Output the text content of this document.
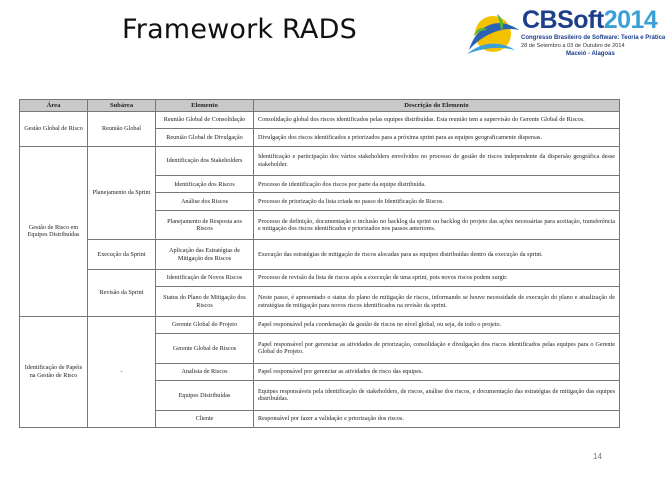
Framework RADS	CBSoft2014
Congresso Brasileiro de Software: Teoria e Prática
28 de Setembro a 03 de Outubro de 2014
Maceió - Alagoas
Área	Subárea	Elemento	Descrição do Elemento
Gestão Global de Risco	Reunião Global	Reunião Global de Consolidação	Consolidação global dos riscos identificados pelas equipes distribuídas. Esta reunião tem a supervisão do Gerente Global de Riscos.
		Reunião Global de Divulgação	Divulgação dos riscos identificados e priorizados para a próxima sprint para as equipes geograficamente dispersas.
Gestão de Risco em Equipes Distribuídas	Planejamento da Sprint	Identificação dos Stakeholders	Identificação e participação dos vários stakeholders envolvidos no processo de gestão de riscos independente da dispersão geográfica desse stakeholder.
		Identificação dos Riscos	Processo de identificação dos riscos por parte da equipe distribuída.
		Análise dos Riscos	Processo de priorização da lista criada no passo de Identificação de Riscos.
		Planejamento de Resposta aos Riscos	Processo de definição, documentação e inclusão no backlog da sprint ou backlog do projeto das ações necessárias para aceitação, transferência e mitigação dos riscos identificados e priorizados nos passos anteriores.
	Execução da Sprint	Aplicação das Estratégias de Mitigação dos Riscos	Execução das estratégias de mitigação de riscos alocadas para as equipes distribuídas dentro da execução da sprint.
	Revisão da Sprint	Identificação de Novos Riscos	Processo de revisão da lista de riscos após a execução de uma sprint, pois novos riscos podem surgir.
		Status do Plano de Mitigação dos Riscos	Neste passo, é apresentado o status do plano de mitigação de riscos, informando se houve necessidade de execução do plano e atualização de estratégias de mitigação para novos riscos identificados na revisão da sprint.
Identificação de Papéis na Gestão de Risco	-	Gerente Global do Projeto	Papel responsável pela coordenação da gestão de riscos no nível global, ou seja, de todo o projeto.
		Gerente Global de Riscos	Papel responsável por gerenciar as atividades de priorização, consolidação e divulgação dos riscos identificados pelas equipes para o Gerente Global do Projeto.
		Analista de Riscos	Papel responsável por gerenciar as atividades de risco das equipes.
		Equipes Distribuídas	Equipes responsáveis pela identificação de stakeholders, de riscos, análise dos riscos, e documentação das estratégias de mitigação das equipes distribuídas.
		Cliente	Responsável por fazer a validação e priorização dos riscos.
14
